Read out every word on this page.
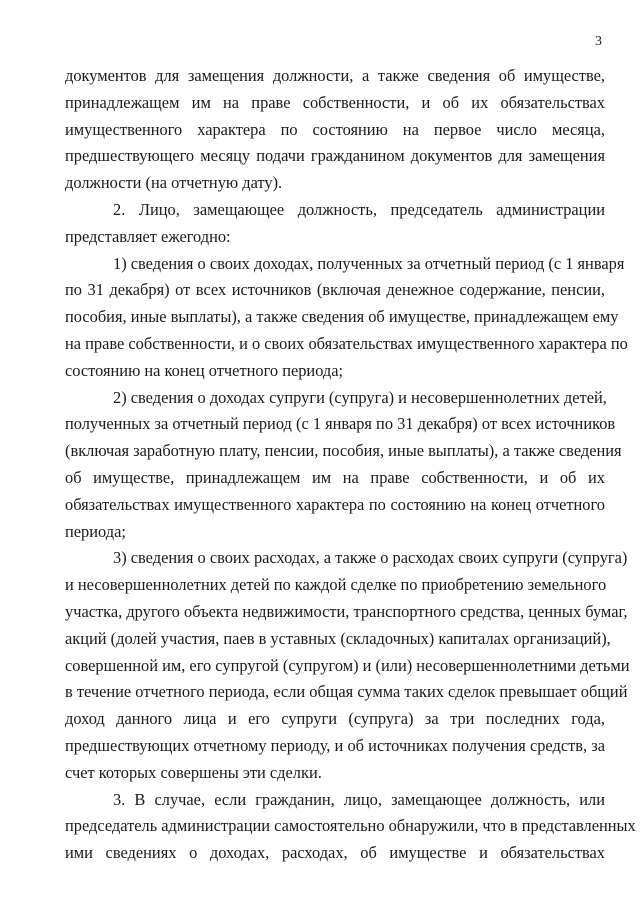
3
документов для замещения должности, а также сведения об имуществе,
принадлежащем им на праве собственности, и об их обязательствах
имущественного характера по состоянию на первое число месяца,
предшествующего месяцу подачи гражданином документов для замещения
должности (на отчетную дату).
2. Лицо, замещающее должность, председатель администрации
представляет ежегодно:
1) сведения о своих доходах, полученных за отчетный период (с 1 января
по 31 декабря) от всех источников (включая денежное содержание, пенсии,
пособия, иные выплаты), а также сведения об имуществе, принадлежащем ему
на праве собственности, и о своих обязательствах имущественного характера по
состоянию на конец отчетного периода;
2) сведения о доходах супруги (супруга) и несовершеннолетних детей,
полученных за отчетный период (с 1 января по 31 декабря) от всех источников
(включая заработную плату, пенсии, пособия, иные выплаты), а также сведения
об имуществе, принадлежащем им на праве собственности, и об их
обязательствах имущественного характера по состоянию на конец отчетного
периода;
3) сведения о своих расходах, а также о расходах своих супруги (супруга)
и несовершеннолетних детей по каждой сделке по приобретению земельного
участка, другого объекта недвижимости, транспортного средства, ценных бумаг,
акций (долей участия, паев в уставных (складочных) капиталах организаций),
совершенной им, его супругой (супругом) и (или) несовершеннолетними детьми
в течение отчетного периода, если общая сумма таких сделок превышает общий
доход данного лица и его супруги (супруга) за три последних года,
предшествующих отчетному периоду, и об источниках получения средств, за
счет которых совершены эти сделки.
3. В случае, если гражданин, лицо, замещающее должность, или
председатель администрации самостоятельно обнаружили, что в представленных
ими сведениях о доходах, расходах, об имуществе и обязательствах
